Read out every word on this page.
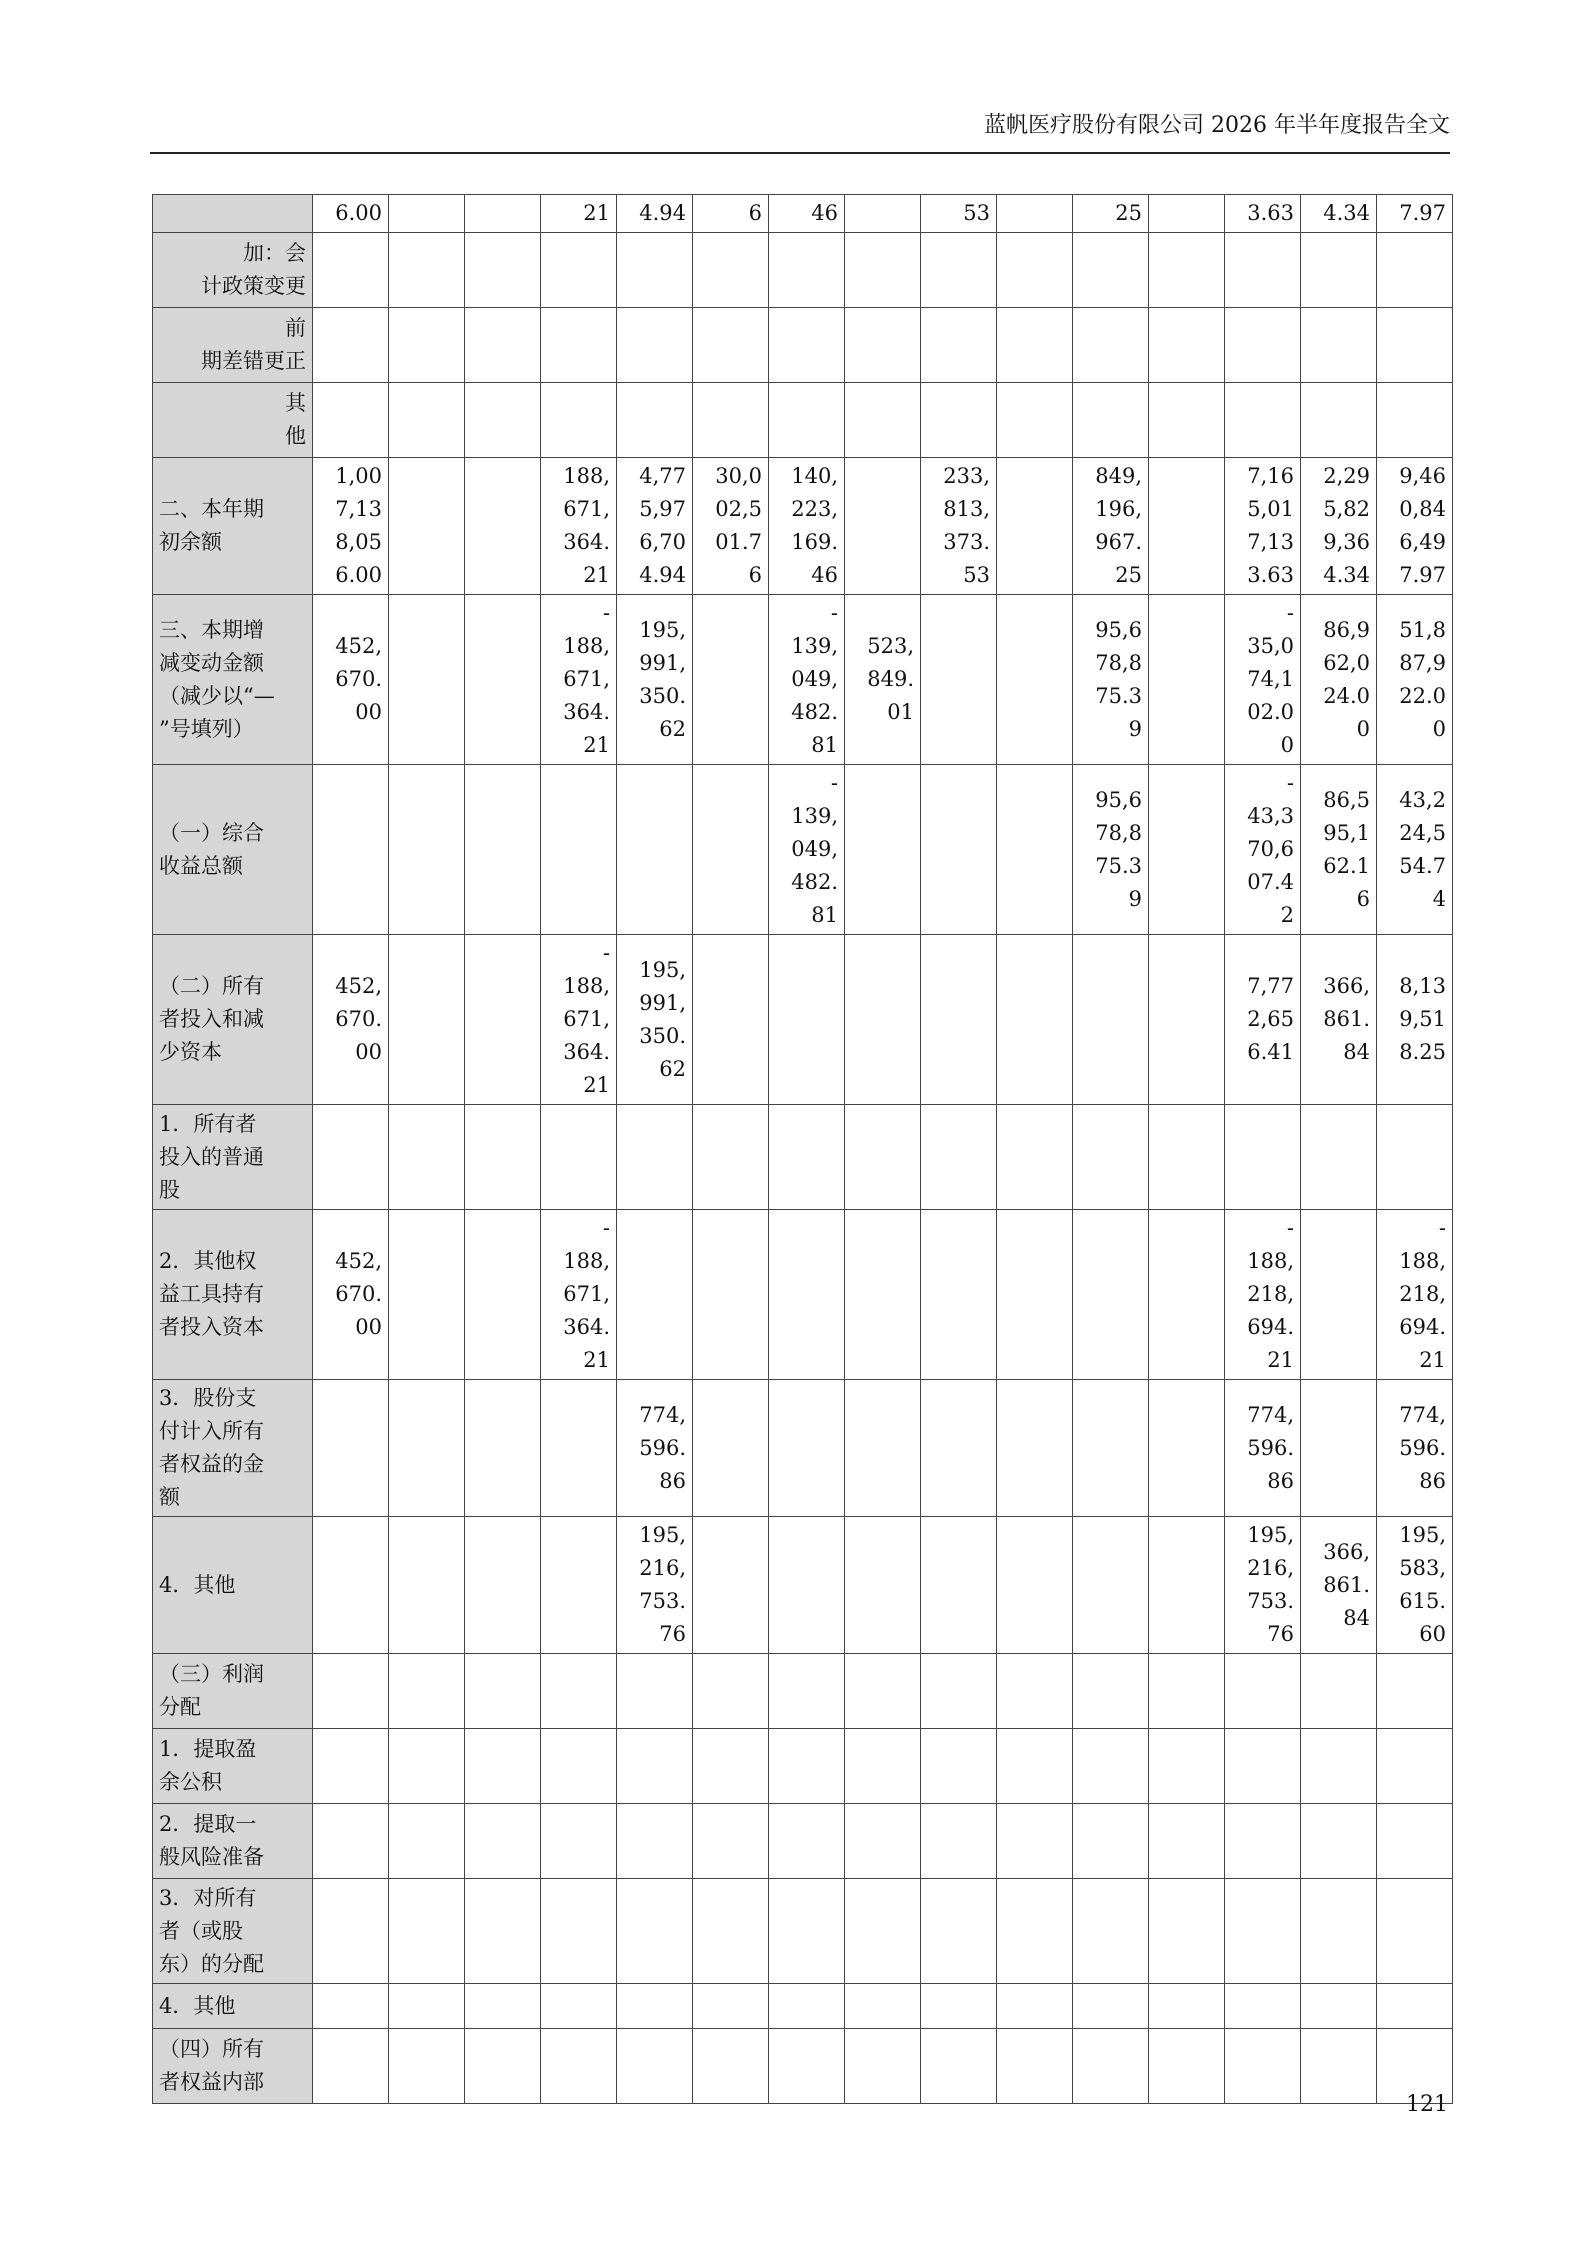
蓝帆医疗股份有限公司 2026 年半年度报告全文
	6.00			21	4.94	6	46		53		25		3.63	4.34	7.97
加：会
计政策变更															
前
期差错更正															
其
他															
二、本年期
初余额	1,00
7,13
8,05
6.00			188,
671,
364.
21	4,77
5,97
6,70
4.94	30,0
02,5
01.7
6	140,
223,
169.
46		233,
813,
373.
53		849,
196,
967.
25		7,16
5,01
7,13
3.63	2,29
5,82
9,36
4.34	9,46
0,84
6,49
7.97
三、本期增
减变动金额
（减少以“—
”号填列）	452,
670.
00			-
188,
671,
364.
21	195,
991,
350.
62		-
139,
049,
482.
81	523,
849.
01			95,6
78,8
75.3
9		-
35,0
74,1
02.0
0	86,9
62,0
24.0
0	51,8
87,9
22.0
0
（一）综合
收益总额							-
139,
049,
482.
81				95,6
78,8
75.3
9		-
43,3
70,6
07.4
2	86,5
95,1
62.1
6	43,2
24,5
54.7
4
（二）所有
者投入和减
少资本	452,
670.
00			-
188,
671,
364.
21	195,
991,
350.
62								7,77
2,65
6.41	366,
861.
84	8,13
9,51
8.25
1．所有者
投入的普通
股															
2．其他权
益工具持有
者投入资本	452,
670.
00			-
188,
671,
364.
21									-
188,
218,
694.
21		-
188,
218,
694.
21
3．股份支
付计入所有
者权益的金
额					774,
596.
86								774,
596.
86		774,
596.
86
4．其他					195,
216,
753.
76								195,
216,
753.
76	366,
861.
84	195,
583,
615.
60
（三）利润
分配															
1．提取盈
余公积															
2．提取一
般风险准备															
3．对所有
者（或股
东）的分配															
4．其他															
（四）所有
者权益内部															
121
